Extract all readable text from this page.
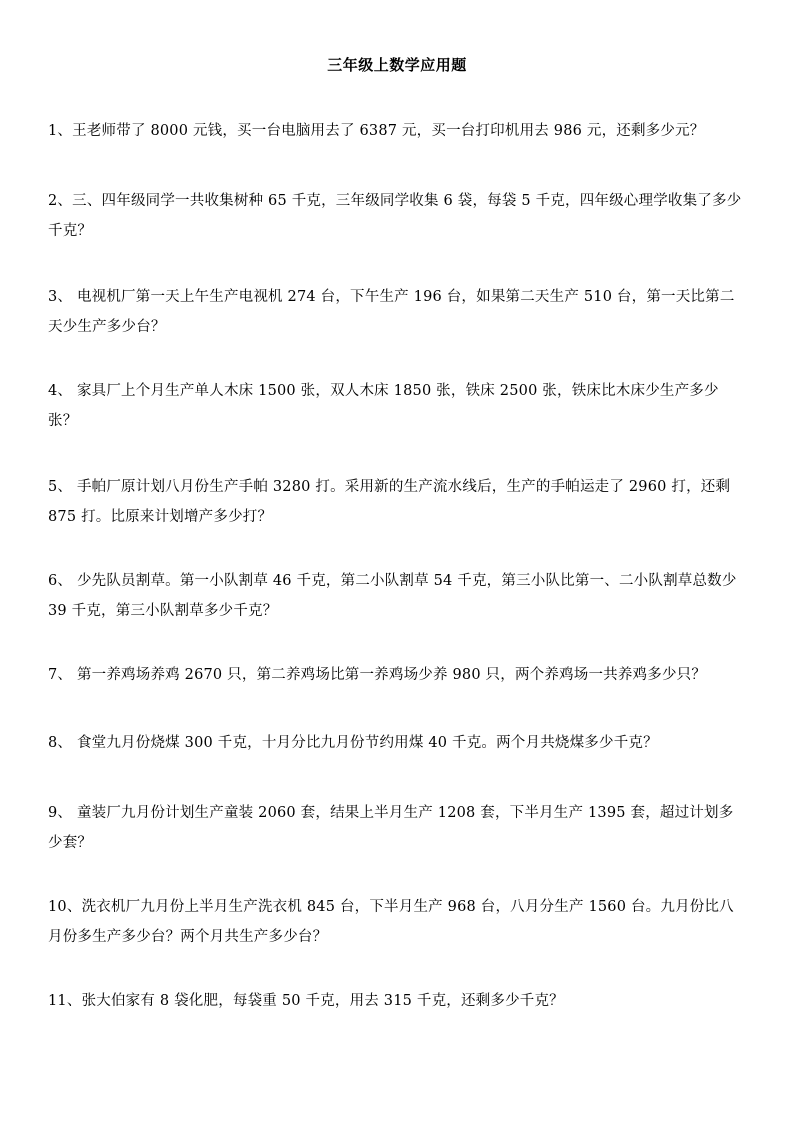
三年级上数学应用题

1、王老师带了 8000 元钱，买一台电脑用去了 6387 元，买一台打印机用去 986 元，还剩多少元？

2、三、四年级同学一共收集树种 65 千克，三年级同学收集 6 袋，每袋 5 千克，四年级心理学收集了多少千克？

3、 电视机厂第一天上午生产电视机 274 台，下午生产 196 台，如果第二天生产 510 台，第一天比第二天少生产多少台？

4、 家具厂上个月生产单人木床 1500 张，双人木床 1850 张，铁床 2500 张，铁床比木床少生产多少张？

5、 手帕厂原计划八月份生产手帕 3280 打。采用新的生产流水线后，生产的手帕运走了 2960 打，还剩 875 打。比原来计划增产多少打？

6、 少先队员割草。第一小队割草 46 千克，第二小队割草 54 千克，第三小队比第一、二小队割草总数少 39 千克，第三小队割草多少千克？

7、 第一养鸡场养鸡 2670 只，第二养鸡场比第一养鸡场少养 980 只，两个养鸡场一共养鸡多少只？

8、 食堂九月份烧煤 300 千克，十月分比九月份节约用煤 40 千克。两个月共烧煤多少千克？

9、 童装厂九月份计划生产童装 2060 套，结果上半月生产 1208 套，下半月生产 1395 套，超过计划多少套？

10、洗衣机厂九月份上半月生产洗衣机 845 台，下半月生产 968 台，八月分生产 1560 台。九月份比八月份多生产多少台？两个月共生产多少台？

11、张大伯家有 8 袋化肥，每袋重 50 千克，用去 315 千克，还剩多少千克？
